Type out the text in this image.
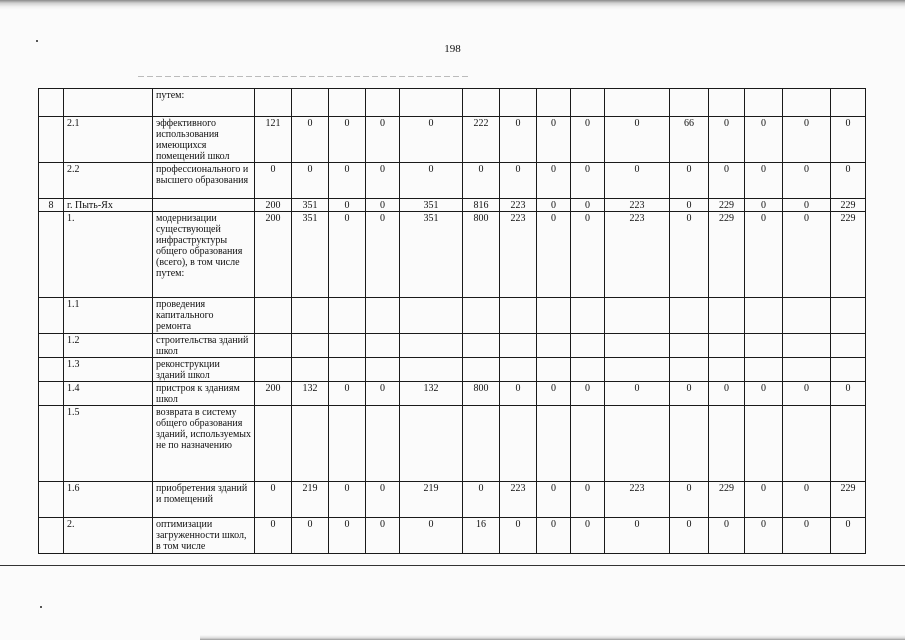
198
		путем:															
	2.1	эффективного использования имеющихся помещений школ	121	0	0	0	0	222	0	0	0	0	66	0	0	0	0
	2.2	профессионального и высшего образования	0	0	0	0	0	0	0	0	0	0	0	0	0	0	0
8	г. Пыть-Ях		200	351	0	0	351	816	223	0	0	223	0	229	0	0	229
	1.	модернизации существующей инфраструктуры общего образования (всего), в том числе путем:	200	351	0	0	351	800	223	0	0	223	0	229	0	0	229
	1.1	проведения капитального ремонта															
	1.2	строительства зданий школ															
	1.3	реконструкции зданий школ															
	1.4	пристроя к зданиям школ	200	132	0	0	132	800	0	0	0	0	0	0	0	0	0
	1.5	возврата в систему общего образования зданий, используемых не по назначению															
	1.6	приобретения зданий и помещений	0	219	0	0	219	0	223	0	0	223	0	229	0	0	229
	2.	оптимизации загруженности школ, в том числе	0	0	0	0	0	16	0	0	0	0	0	0	0	0	0
